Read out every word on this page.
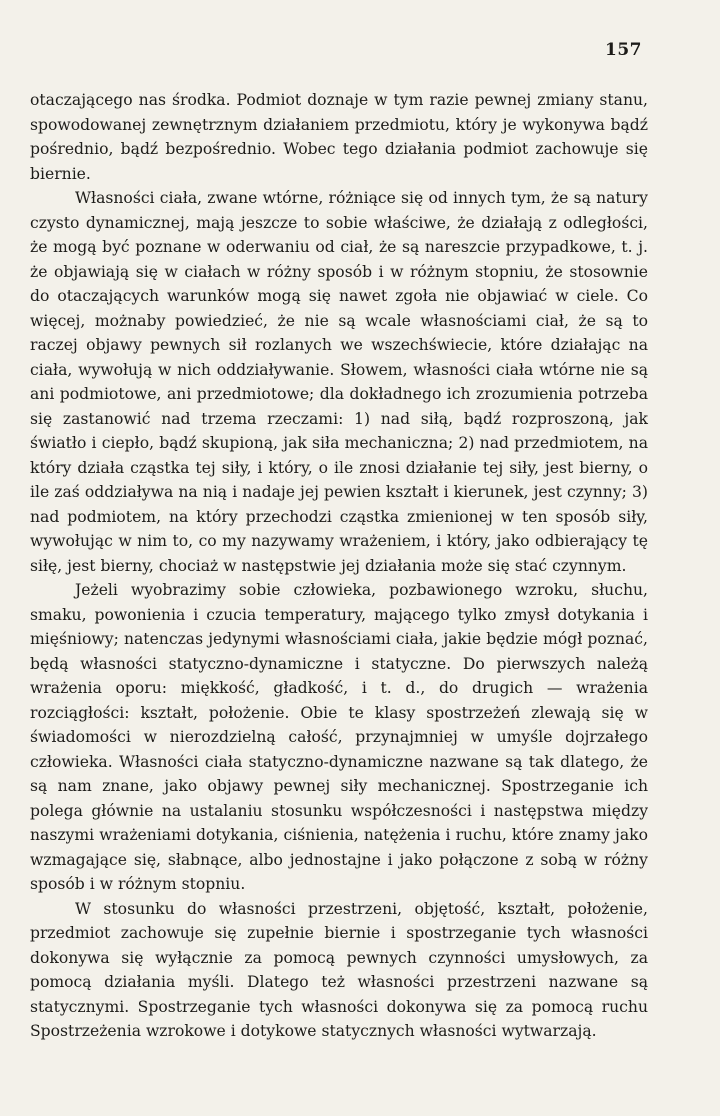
157

otaczającego nas środka. Podmiot doznaje w tym razie pewnej zmiany stanu, spowodowanej zewnętrznym działaniem przedmiotu, który je wykonywa bądź pośrednio, bądź bezpośrednio. Wobec tego działania podmiot zachowuje się biernie.

Własności ciała, zwane wtórne, różniące się od innych tym, że są natury czysto dynamicznej, mają jeszcze to sobie właściwe, że działają z odległości, że mogą być poznane w oderwaniu od ciał, że są nareszcie przypadkowe, t. j. że objawiają się w ciałach w różny sposób i w różnym stopniu, że stosownie do otaczających warunków mogą się nawet zgoła nie objawiać w ciele. Co więcej, możnaby powiedzieć, że nie są wcale własnościami ciał, że są to raczej objawy pewnych sił rozlanych we wszechświecie, które działając na ciała, wywołują w nich oddziaływanie. Słowem, własności ciała wtórne nie są ani podmiotowe, ani przedmiotowe; dla dokładnego ich zrozumienia potrzeba się zastanowić nad trzema rzeczami: 1) nad siłą, bądź rozproszoną, jak światło i ciepło, bądź skupioną, jak siła mechaniczna; 2) nad przedmiotem, na który działa cząstka tej siły, i który, o ile znosi działanie tej siły, jest bierny, o ile zaś oddziaływa na nią i nadaje jej pewien kształt i kierunek, jest czynny; 3) nad podmiotem, na który przechodzi cząstka zmienionej w ten sposób siły, wywołując w nim to, co my nazywamy wrażeniem, i który, jako odbierający tę siłę, jest bierny, chociaż w następstwie jej działania może się stać czynnym.

Jeżeli wyobrazimy sobie człowieka, pozbawionego wzroku, słuchu, smaku, powonienia i czucia temperatury, mającego tylko zmysł dotykania i mięśniowy; natenczas jedynymi własnościami ciała, jakie będzie mógł poznać, będą własności statyczno-dynamiczne i statyczne. Do pierwszych należą wrażenia oporu: miękkość, gładkość, i t. d., do drugich — wrażenia rozciągłości: kształt, położenie. Obie te klasy spostrzeżeń zlewają się w świadomości w nierozdzielną całość, przynajmniej w umyśle dojrzałego człowieka. Własności ciała statyczno-dynamiczne nazwane są tak dlatego, że są nam znane, jako objawy pewnej siły mechanicznej. Spostrzeganie ich polega głównie na ustalaniu stosunku współczesności i następstwa między naszymi wrażeniami dotykania, ciśnienia, natężenia i ruchu, które znamy jako wzmagające się, słabnące, albo jednostajne i jako połączone z sobą w różny sposób i w różnym stopniu.

W stosunku do własności przestrzeni, objętość, kształt, położenie, przedmiot zachowuje się zupełnie biernie i spostrzeganie tych własności dokonywa się wyłącznie za pomocą pewnych czynności umysłowych, za pomocą działania myśli. Dlatego też własności przestrzeni nazwane są statycznymi. Spostrzeganie tych własności dokonywa się za pomocą ruchu Spostrzeżenia wzrokowe i dotykowe statycznych własności wytwarzają.
